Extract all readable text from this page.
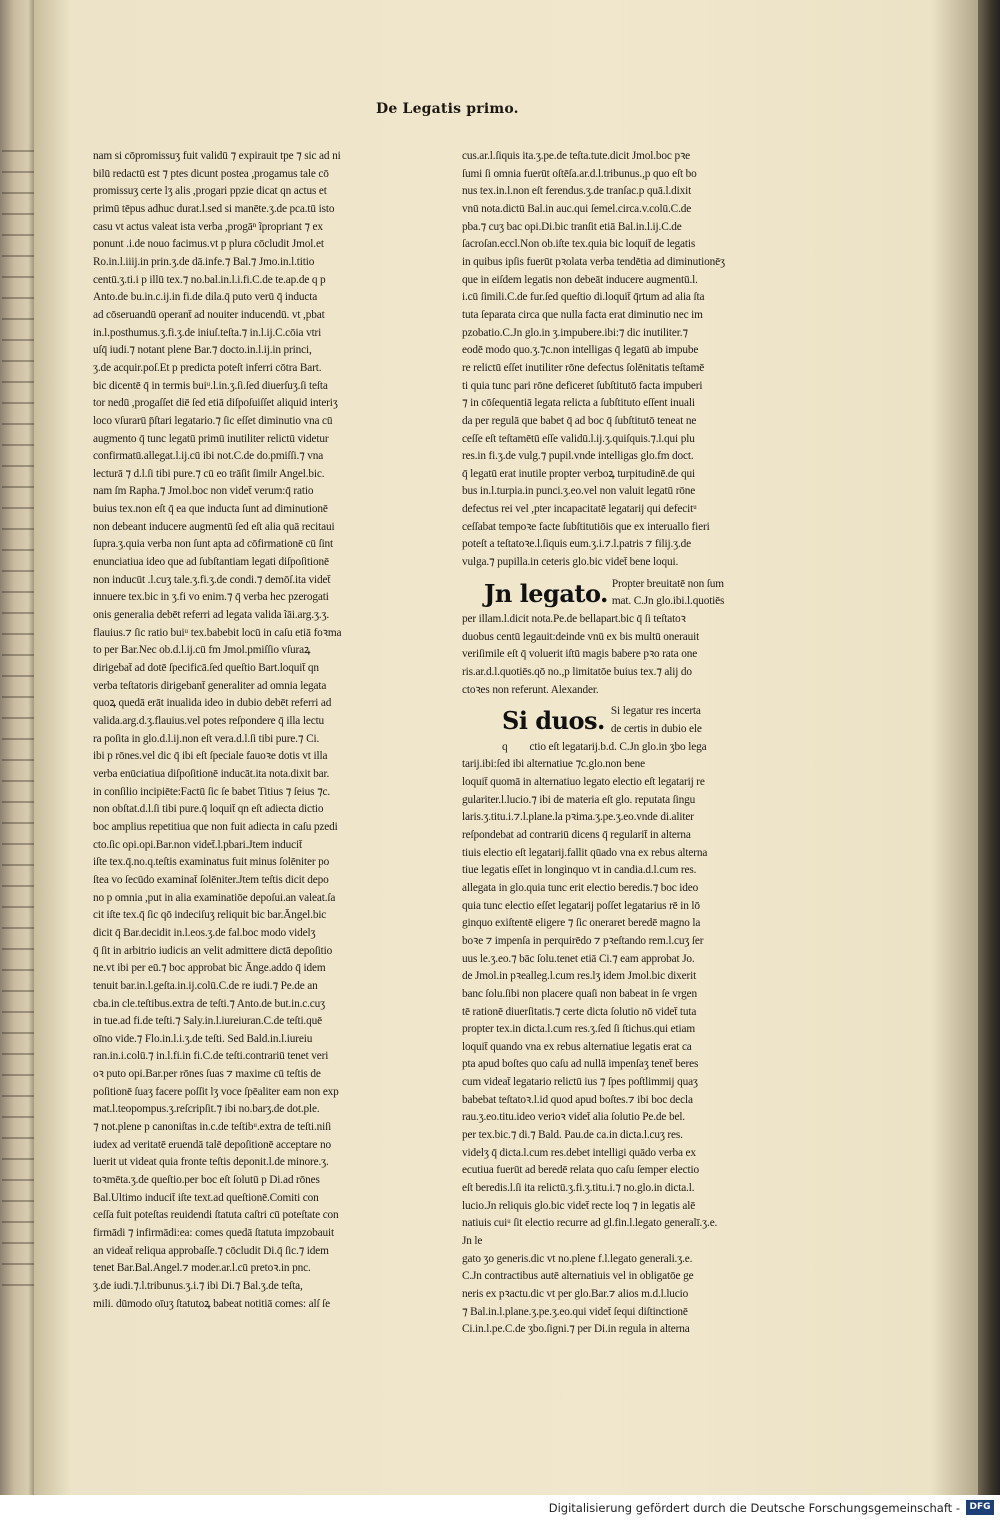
De Legatis primo.

nam si cōpromissuʒ fuit validū ⁊ expirauit tpe ⁊ sic ad ni

bilū redactū est ⁊ ptes dicunt postea ,progamus tale cō

promissuʒ certe lʒ alis ,progari ppzie dicat qn actus et

primū tēpus adhuc durat.l.sed si manēte.ʒ.de pca.tū isto

casu vt actus valeat ista verba ,progāⁿ ĩpropriant ⁊ ex

ponunt .i.de nouo facimus.vt p plura cōcludit Jmol.et

Ro.in.l.iiij.in prin.ʒ.de dā.infe.⁊ Bal.⁊ Jmo.in.l.titio

centū.ʒ.ti.i p illū tex.⁊ no.bal.in.l.i.fi.C.de te.ap.de q p

Anto.de bu.in.c.ij.in fi.de dila.q̄ puto verū q̄ inducta

ad cōseruandū operant̄ ad nouiter inducendū. vt ,pbat

in.l.posthumus.ʒ.fi.ʒ.de iniuſ.teſta.⁊ in.l.ij.C.cōia vtri

uſq̄ iudi.⁊ notant plene Bar.⁊ docto.in.l.ij.in princi,

ʒ.de acquir.poſ.Et p predicta poteſt inferri cōtra Bart.

bic dicentē q̄ in termis buiᵘ.l.in.ʒ.ſi.ſed diuerſuʒ.ſi teſta

tor nedū ,progaſſet diē ſed etiā diſpoſuiſſet aliquid interiʒ

loco vſurarū p̄ſtari legatario.⁊ ſic eſſet diminutio vna cū

augmento q̄ tunc legatū primū inutiliter relictū videtur

confirmatū.allegat.l.ij.cū ibi not.C.de do.pmiſſi.⁊ vna

lecturā ⁊ d.l.ſi tibi pure.⁊ cū eo trāſit ſimilr Angel.bic.

nam ſm Rapha.⁊ Jmol.boc non videt̄ verum:q̄ ratio

buius tex.non eſt q̄ ea que inducta ſunt ad diminutionē

non debeant inducere augmentū ſed eſt alia quā recitaui

ſupra.ʒ.quia verba non ſunt apta ad cōfirmationē cū ſint

enunciatiua ideo que ad ſubſtantiam legati diſpoſitionē

non inducūt .l.cuʒ tale.ʒ.fi.ʒ.de condi.⁊ demōſ.ita videt̄

innuere tex.bic in ʒ.fi vo enim.⁊ q̄ verba hec pzerogati

onis generalia debēt referri ad legata valida ĩāi.arg.ʒ.ʒ.

flauius.⁊ ſic ratio buiᵘ tex.babebit locū in caſu etiā foꝛma

to per Bar.Nec ob.d.l.ij.cū fm Jmol.pmiſſio vſuraꝝ

dirigebat̄ ad dotē ſpecificā.ſed queſtio Bart.loquit̄ qn

verba teſtatoris dirigebant̄ generaliter ad omnia legata

quoꝝ quedā erāt inualida ideo in dubio debēt referri ad

valida.arg.d.ʒ.flauius.vel potes reſpondere q̄ illa lectu

ra poſita in glo.d.l.ij.non eſt vera.d.l.ſi tibi pure.⁊ Ci.

ibi p rōnes.vel dic q̄ ibi eſt ſpeciale fauoꝛe dotis vt illa

verba enūciatiua diſpoſitionē inducāt.ita nota.dixit bar.

in conſilio incipiēte:Factū ſic ſe babet Titius ⁊ ſeius ⁊c.

non obſtat.d.l.ſi tibi pure.q̄ loquit̄ qn eſt adiecta dictio

boc amplius repetitiua que non fuit adiecta in caſu pzedi

cto.ſic opi.opi.Bar.non videt̄.l.pbari.Jtem inducit̄

iſte tex.q̄.no.q.teſtis examinatus fuit minus ſolēniter po

ſtea vo ſecūdo examinat̄ ſolēniter.Jtem teſtis dicit depo

no p omnia ,put in alia examinatiōe depoſui.an valeat.ſa

cit iſte tex.q̄ ſic qō indeciſuʒ reliquit bic bar.Āngel.bic

dicit q̄ Bar.decidit in.l.eos.ʒ.de fal.boc modo videlʒ

q̄ ſit in arbitrio iudicis an velit admittere dictā depoſitio

ne.vt ibi per eū.⁊ boc approbat bic Ānge.addo q̄ idem

tenuit bar.in.l.geſta.in.ij.colū.C.de re iudi.⁊ Pe.de an

cba.in cle.teſtibus.extra de teſti.⁊ Anto.de but.in.c.cuʒ

in tue.ad fi.de teſti.⁊ Saly.in.l.iureiuran.C.de teſti.quē

oīno vide.⁊ Flo.in.l.i.ʒ.de teſti. Sed Bald.in.l.iureiu

ran.in.i.colū.⁊ in.l.fi.in fi.C.de teſti.contrariū tenet veri

oꝛ puto opi.Bar.per rōnes ſuas ⁊ maxime cū teſtis de

poſitionē ſuaʒ facere poſſit lʒ voce ſpēaliter eam non exp

mat.l.teopompus.ʒ.reſcripſit.⁊ ibi no.barʒ.de dot.ple.

⁊ not.plene p canoniſtas in.c.de teſtibᵘ.extra de teſti.niſi

iudex ad veritatē eruendā talē depoſitionē acceptare no

luerit ut videat quia fronte teſtis deponit.l.de minore.ʒ.

toꝛmēta.ʒ.de queſtio.per boc eſt ſolutū p Di.ad rōnes

Bal.Ultimo inducit̄ iſte text.ad queſtionē.Comiti con

ceſſa fuit poteſtas reuidendi ſtatuta caſtri cū poteſtate con

firmādi ⁊ infirmādi:ea: comes quedā ſtatuta impzobauit

an videat̄ reliqua approbaſſe.⁊ cōcludit Di.q̄ ſic.⁊ idem

tenet Bar.Bal.Angel.⁊ moder.ar.l.cū pretoꝛ.in pnc.

ʒ.de iudi.⁊.l.tribunus.ʒ.i.⁊ ibi Di.⁊ Bal.ʒ.de teſta,

mili. dūmodo oīuʒ ſtatutoꝝ babeat notitiā comes: alſ ſe

cus.ar.l.ſiquis ita.ʒ.pe.de teſta.tute.dicit Jmol.boc pꝛe

ſumi ſi omnia fuerūt oſtēſa.ar.d.l.tribunus.,p quo eſt bo

nus tex.in.l.non eſt ferendus.ʒ.de tranſac.p quā.l.dixit

vnū nota.dictū Bal.in auc.qui ſemel.circa.v.colū.C.de

pba.⁊ cuʒ bac opi.Di.bic tranſit etiā Bal.in.l.ij.C.de

ſacroſan.eccl.Non ob.iſte tex.quia bic loquit̄ de legatis

in quibus ipſis fuerūt pꝛolata verba tendētia ad diminutionēʒ

que in eiſdem legatis non debeāt inducere augmentū.l.

i.cū ſimili.C.de fur.ſed queſtio di.loquit̄ q̄rtum ad alia ſta

tuta ſeparata circa que nulla facta erat diminutio nec im

pzobatio.C.Jn glo.in ʒ.impubere.ibi:⁊ dic inutiliter.⁊

eodē modo quo.ʒ.⁊c.non intelligas q̄ legatū ab impube

re relictū eſſet inutiliter rōne defectus ſolēnitatis teſtamē

ti quia tunc pari rōne deficeret ſubſtitutō facta impuberi

⁊ in cōſequentiā legata relicta a ſubſtituto eſſent inuali

da per regulā que babet q̄ ad boc q̄ ſubſtitutō teneat ne

ceſſe eſt teſtamētū eſſe validū.l.ij.ʒ.quiſquis.⁊.l.qui plu

res.in fi.ʒ.de vulg.⁊ pupil.vnde intelligas glo.fm doct.

q̄ legatū erat inutile propter verboꝝ turpitudinē.de qui

bus in.l.turpia.in punci.ʒ.eo.vel non valuit legatū rōne

defectus rei vel ,pter incapacitatē legatarij qui defecitᵘ

ceſſabat tempoꝛe facte ſubſtitutiōis que ex interuallo fieri

poteſt a teſtatoꝛe.l.ſiquis eum.ʒ.i.⁊.l.patris ⁊ filij.ʒ.de

vulga.⁊ pupilla.in ceteris glo.bic videt̄ bene loqui.

Jn legato. Propter breuitatē non ſum
mat. C.Jn glo.ibi.l.quotiēs

per illam.l.dicit nota.Pe.de bellapart.bic q̄ ſi teſtatoꝛ

duobus centū legauit:deinde vnū ex bis multū onerauit

veriſimile eſt q̄ voluerit iſtū magis babere pꝛo rata one

ris.ar.d.l.quotiēs.qō no.,p limitatōe buius tex.⁊ alij do

ctoꝛes non referunt. Alexander.

Si duos. Si legatur res incerta
de certis in dubio ele

q ctio eſt legatarij.b.d. C.Jn glo.in ʒbo lega

tarij.ibi:ſed ibi alternatiue ⁊c.glo.non bene

loquit̄ quomā in alternatiuo legato electio eſt legatarij re

gulariter.l.lucio.⁊ ibi de materia eſt glo. reputata ſingu

laris.ʒ.titu.i.⁊.l.plane.la pꝛima.ʒ.pe.ʒ.eo.vnde di.aliter

reſpondebat ad contrariū dicens q̄ regularit̄ in alterna

tiuis electio eſt legatarij.fallit qūado vna ex rebus alterna

tiue legatis eſſet in longinquo vt in candia.d.l.cum res.

allegata in glo.quia tunc erit electio beredis.⁊ boc ideo

quia tunc electio eſſet legatarij poſſet legatarius rē in lō

ginquo exiſtentē eligere ⁊ ſic oneraret beredē magno la

boꝛe ⁊ impenſa in perquirēdo ⁊ pꝛeſtando rem.l.cuʒ ſer

uus le.ʒ.eo.⁊ bāc ſolu.tenet etiā Ci.⁊ eam approbat Jo.

de Jmol.in pꝛealleg.l.cum res.lʒ idem Jmol.bic dixerit

banc ſolu.ſibi non placere quaſi non babeat in ſe vrgen

tē rationē diuerſitatis.⁊ certe dicta ſolutio nō videt̄ tuta

propter tex.in dicta.l.cum res.ʒ.ſed ſi ſtichus.qui etiam

loquit̄ quando vna ex rebus alternatiue legatis erat ca

pta apud boſtes quo caſu ad nullā impenſaʒ tenet̄ beres

cum videat̄ legatario relictū ius ⁊ ſpes poſtlimmij quaʒ

babebat teſtatoꝛ.l.id quod apud boſtes.⁊ ibi boc decla

rau.ʒ.eo.titu.ideo verioꝛ videt̄ alia ſolutio Pe.de bel.

per tex.bic.⁊ di.⁊ Bald. Pau.de ca.in dicta.l.cuʒ res.

videlʒ q̄ dicta.l.cum res.debet intelligi quādo verba ex

ecutiua fuerūt ad beredē relata quo caſu ſemper electio

eſt beredis.l.ſi ita relictū.ʒ.fi.ʒ.titu.i.⁊ no.glo.in dicta.l.

lucio.Jn reliquis glo.bic videt̄ recte loq ⁊ in legatis alē

natiuis cuiᵘ ſit electio recurre ad gl.fin.l.legato generalī.ʒ.e.

Jn le

gato ʒo generis.dic vt no.plene f.l.legato generali.ʒ.e.

C.Jn contractibus autē alternatiuis vel in obligatōe ge

neris ex pꝛactu.dic vt per glo.Bar.⁊ alios m.d.l.lucio

⁊ Bal.in.l.plane.ʒ.pe.ʒ.eo.qui videt̄ ſequi diſtinctionē

Ci.in.l.pe.C.de ʒbo.ſigni.⁊ per Di.in regula in alterna

Digitalisierung gefördert durch die Deutsche Forschungsgemeinschaft -	DFG
